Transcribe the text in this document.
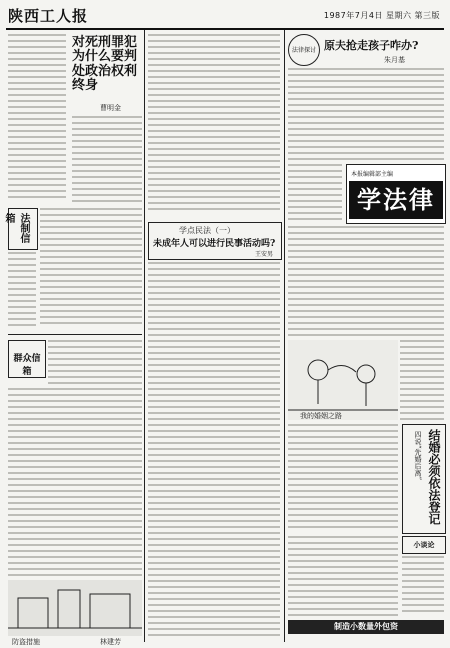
陕西工人报	1987年7月4日 星期六 第三版
对死刑罪犯为什么要判处政治权利终身
曹明金
法制信箱
群众信箱
防盗措施	林建芳
学点民法（一）
未成年人可以进行民事活动吗?
王安男
法律探讨 原夫抢走孩子咋办?
朱月基
本报编辑部主编
学法律
我的婚姻之路
结婚必须依法登记
四说“先婚后离”
小谈论
制造小数量外包资
